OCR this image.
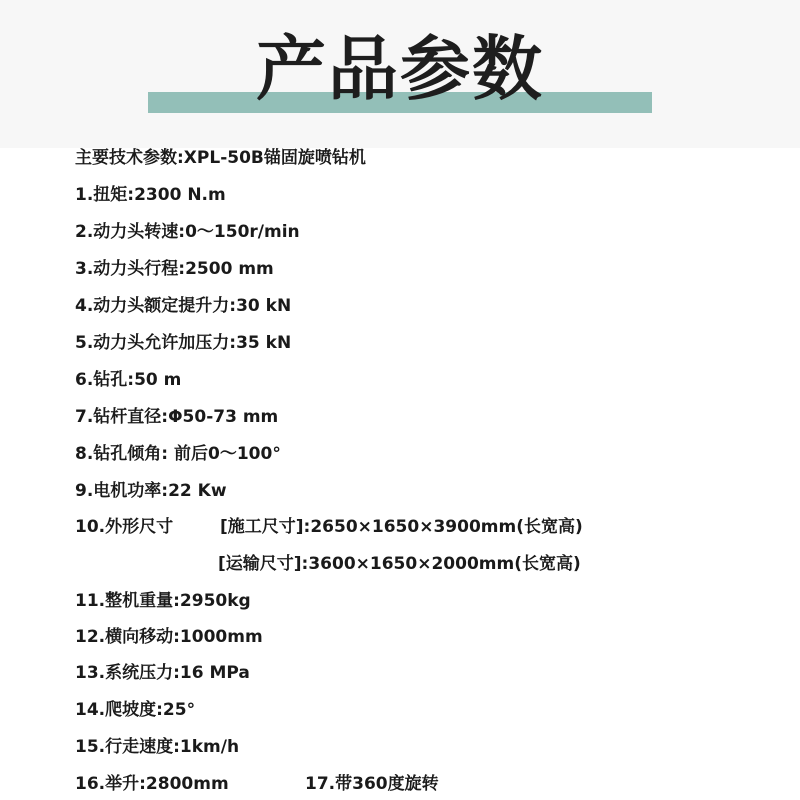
产品参数
主要技术参数:XPL-50B锚固旋喷钻机
1.扭矩:2300 N.m
2.动力头转速:0～150r/min
3.动力头行程:2500 mm
4.动力头额定提升力:30 kN
5.动力头允许加压力:35 kN
6.钻孔:50 m
7.钻杆直径:Φ50-73 mm
8.钻孔倾角: 前后0～100°
9.电机功率:22 Kw
10.外形尺寸	[施工尺寸]:2650×1650×3900mm(长宽高)
[运输尺寸]:3600×1650×2000mm(长宽高)
11.整机重量:2950kg
12.横向移动:1000mm
13.系统压力:16 MPa
14.爬坡度:25°
15.行走速度:1km/h
16.举升:2800mm	17.带360度旋转
